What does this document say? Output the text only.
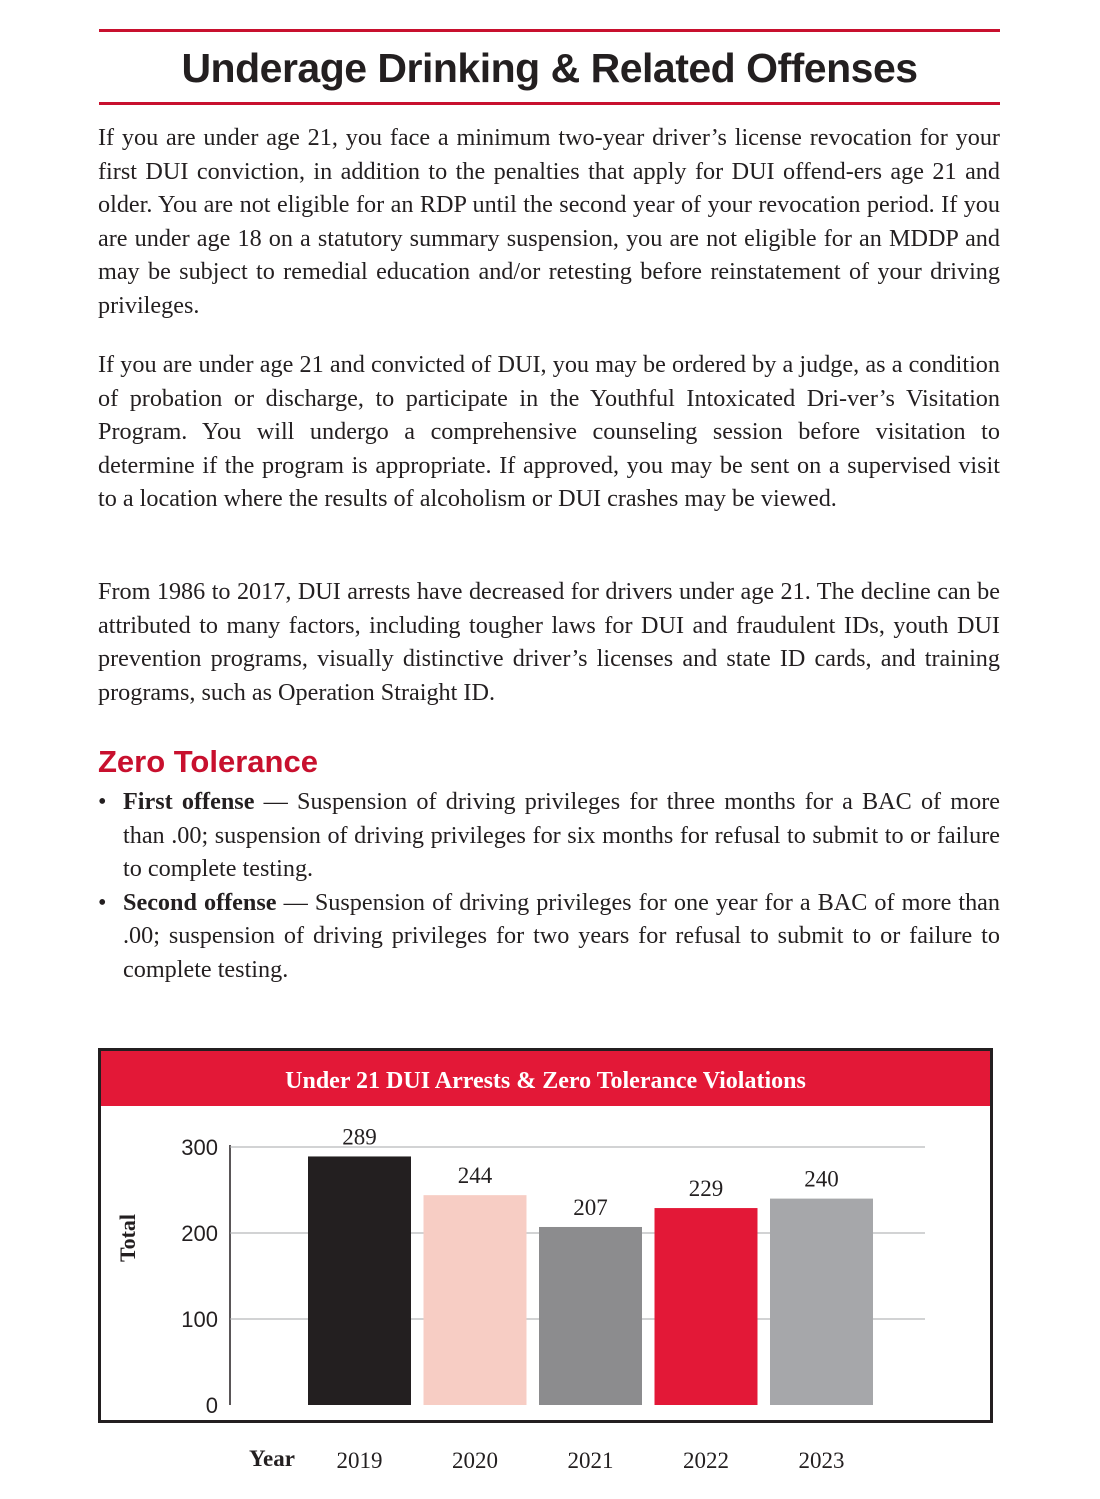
Underage Drinking & Related Offenses

If you are under age 21, you face a minimum two-year driver’s license revocation for your first DUI conviction, in addition to the penalties that apply for DUI offend-ers age 21 and older. You are not eligible for an RDP until the second year of your revocation period. If you are under age 18 on a statutory summary suspension, you are not eligible for an MDDP and may be subject to remedial education and/or retesting before reinstatement of your driving privileges.

If you are under age 21 and convicted of DUI, you may be ordered by a judge, as a condition of probation or discharge, to participate in the Youthful Intoxicated Dri-ver’s Visitation Program. You will undergo a comprehensive counseling session before visitation to determine if the program is appropriate. If approved, you may be sent on a supervised visit to a location where the results of alcoholism or DUI crashes may be viewed.

From 1986 to 2017, DUI arrests have decreased for drivers under age 21. The decline can be attributed to many factors, including tougher laws for DUI and fraudulent IDs, youth DUI prevention programs, visually distinctive driver’s licenses and state ID cards, and training programs, such as Operation Straight ID.

Zero Tolerance
• First offense — Suspension of driving privileges for three months for a BAC of more than .00; suspension of driving privileges for six months for refusal to submit to or failure to complete testing.
• Second offense — Suspension of driving privileges for one year for a BAC of more than .00; suspension of driving privileges for two years for refusal to submit to or failure to complete testing.
Under 21 DUI Arrests & Zero Tolerance Violations
0
100
200
300
Total
289
2019
244
2020
207
2021
229
2022
240
2023
Year
